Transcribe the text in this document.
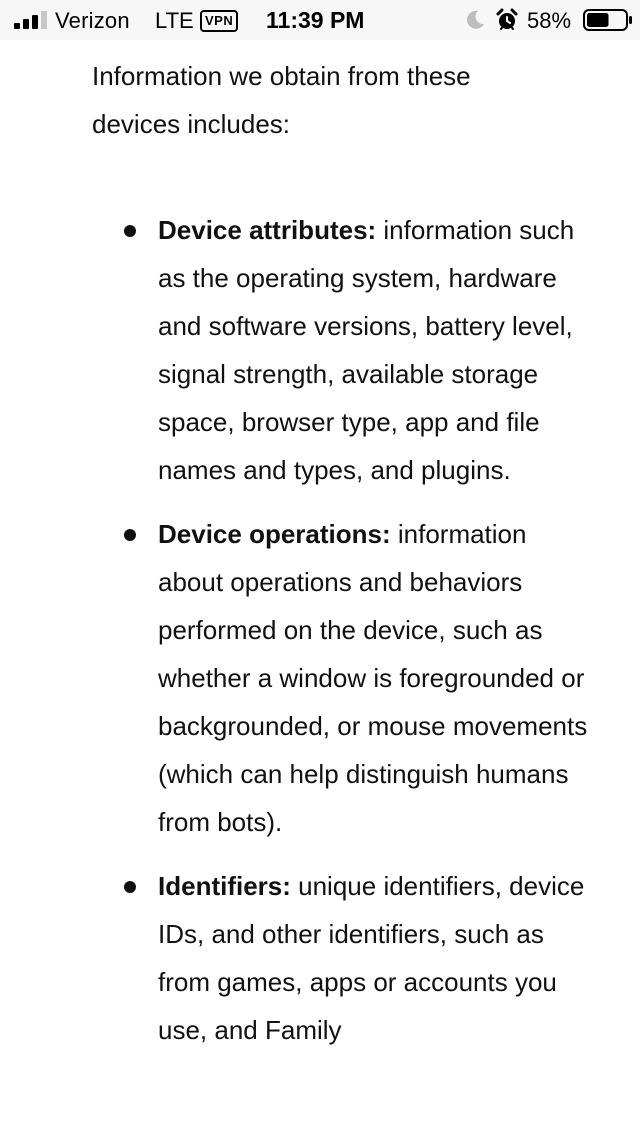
Verizon LTE VPN 11:39 PM	58%

Information we obtain from these devices includes:

Device attributes: information such as the operating system, hardware and software versions, battery level, signal strength, available storage space, browser type, app and file names and types, and plugins.
Device operations: information about operations and behaviors performed on the device, such as whether a window is foregrounded or backgrounded, or mouse movements (which can help distinguish humans from bots).
Identifiers: unique identifiers, device IDs, and other identifiers, such as from games, apps or accounts you use, and Family
